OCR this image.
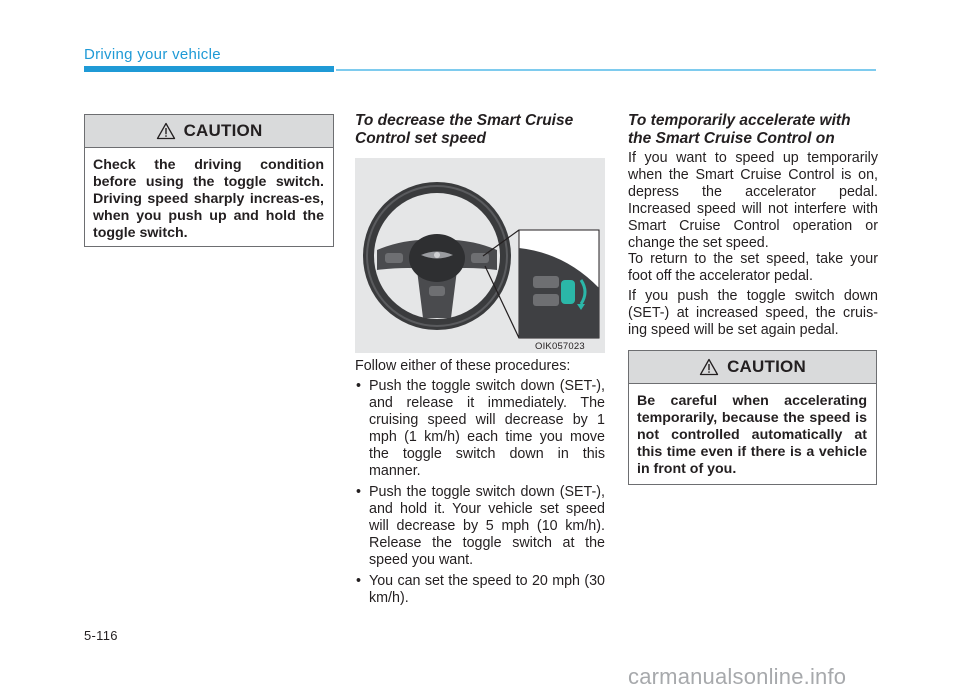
Driving your vehicle
CAUTION
Check the driving condition before using the toggle switch. Driving speed sharply increas-es, when you push up and hold the toggle switch.
To decrease the Smart Cruise Control set speed
OIK057023
Follow either of these procedures:
• Push the toggle switch down (SET-), and release it immediately. The cruising speed will decrease by 1 mph (1 km/h) each time you move the toggle switch down in this manner.
• Push the toggle switch down (SET-), and hold it. Your vehicle set speed will decrease by 5 mph (10 km/h). Release the toggle switch at the speed you want.
• You can set the speed to 20 mph (30 km/h).
To temporarily accelerate with the Smart Cruise Control on
If you want to speed up temporarily when the Smart Cruise Control is on, depress the accelerator pedal. Increased speed will not interfere with Smart Cruise Control operation or change the set speed.
To return to the set speed, take your foot off the accelerator pedal.
If you push the toggle switch down (SET-) at increased speed, the cruis-ing speed will be set again pedal.
CAUTION
Be careful when accelerating temporarily, because the speed is not controlled automatically at this time even if there is a vehicle in front of you.
5-116
carmanualsonline.info
